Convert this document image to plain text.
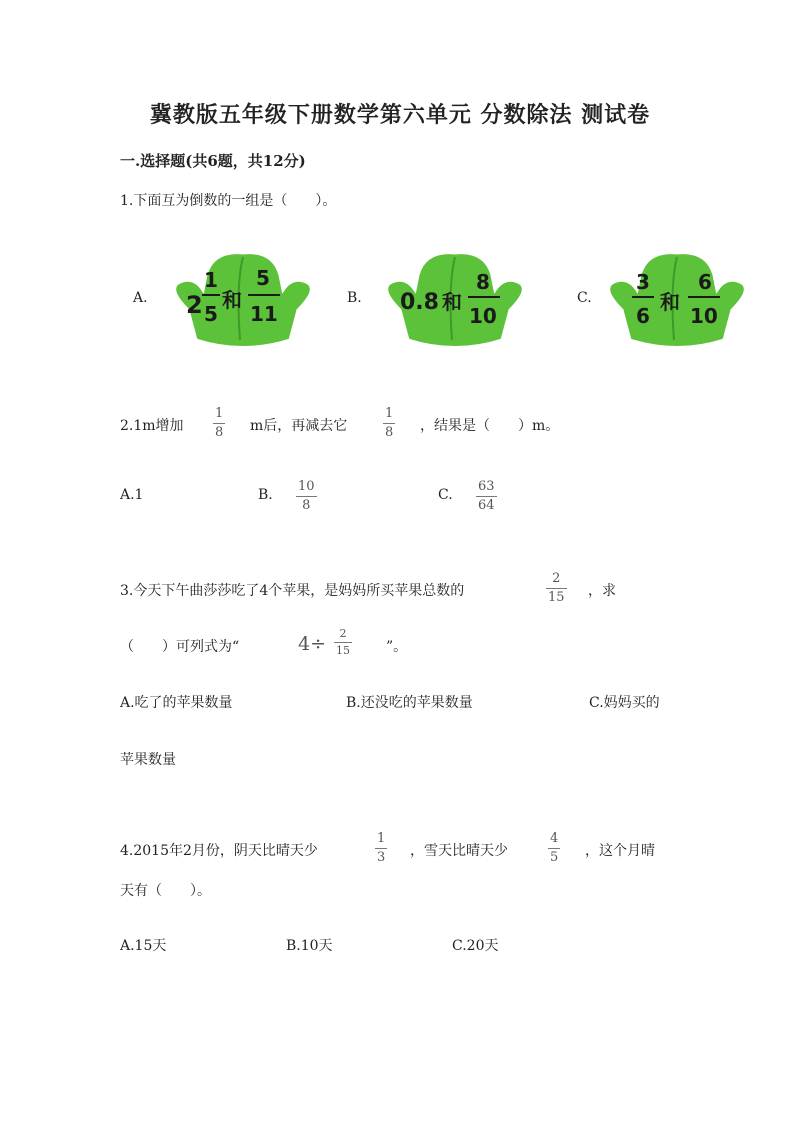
冀教版五年级下册数学第六单元 分数除法 测试卷
一.选择题(共6题，共12分)
1.下面互为倒数的一组是（　　）。
A. 2
1
5
和
5
11
B. 0.8 和
8
10
C.
3
6
和
6
10
2.1m增加
1
8 m后，再减去它
1
8 ，结果是（　　）m。
A.1	B.
10
8
C.
63
64
3.今天下午曲莎莎吃了4个苹果，是妈妈所买苹果总数的
2
15 ，求
（　　）可列式为“	4÷ 2
15	”。
A.吃了的苹果数量	B.还没吃的苹果数量	C.妈妈买的
苹果数量
4.2015年2月份，阴天比晴天少
1
3 ，雪天比晴天少
4
5 ，这个月晴
天有（　　）。
A.15天	B.10天	C.20天
